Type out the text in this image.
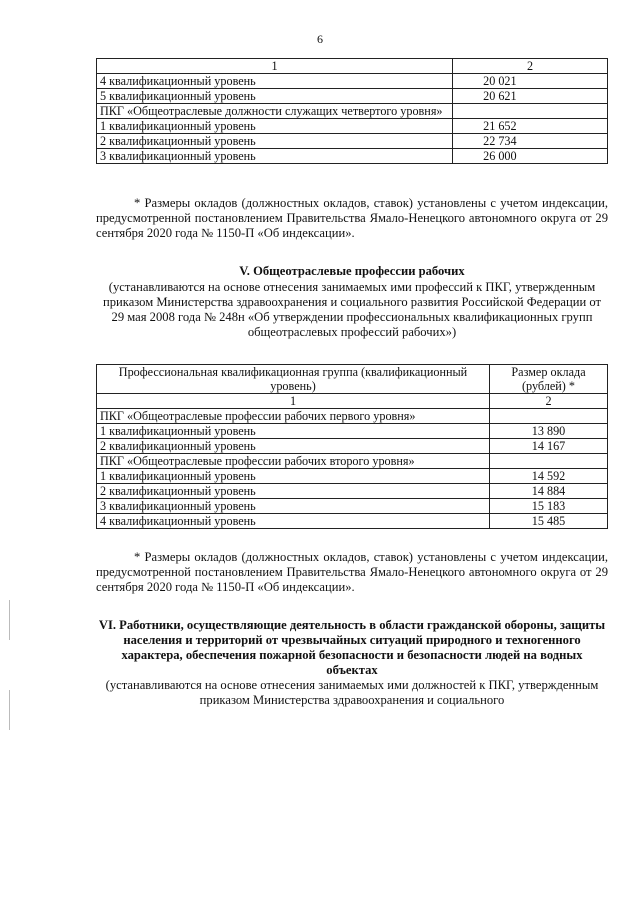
6
1	2
4 квалификационный уровень	20 021
5 квалификационный уровень	20 621
ПКГ «Общеотраслевые должности служащих четвертого уровня»	
1 квалификационный уровень	21 652
2 квалификационный уровень	22 734
3 квалификационный уровень	26 000
* Размеры окладов (должностных окладов, ставок) установлены с учетом индексации, предусмотренной постановлением Правительства Ямало-Ненецкого автономного округа от 29 сентября 2020 года № 1150-П «Об индексации».
V. Общеотраслевые профессии рабочих
(устанавливаются на основе отнесения занимаемых ими профессий к ПКГ, утвержденным приказом Министерства здравоохранения и социального развития Российской Федерации от 29 мая 2008 года № 248н «Об утверждении профессиональных квалификационных групп общеотраслевых профессий рабочих»)
Профессиональная квалификационная группа (квалификационный уровень)	Размер оклада (рублей) *
1	2
ПКГ «Общеотраслевые профессии рабочих первого уровня»	
1 квалификационный уровень	13 890
2 квалификационный уровень	14 167
ПКГ «Общеотраслевые профессии рабочих второго уровня»	
1 квалификационный уровень	14 592
2 квалификационный уровень	14 884
3 квалификационный уровень	15 183
4 квалификационный уровень	15 485
* Размеры окладов (должностных окладов, ставок) установлены с учетом индексации, предусмотренной постановлением Правительства Ямало-Ненецкого автономного округа от 29 сентября 2020 года № 1150-П «Об индексации».
VI. Работники, осуществляющие деятельность в области гражданской обороны, защиты населения и территорий от чрезвычайных ситуаций природного и техногенного характера, обеспечения пожарной безопасности и безопасности людей на водных объектах
(устанавливаются на основе отнесения занимаемых ими должностей к ПКГ, утвержденным приказом Министерства здравоохранения и социального
